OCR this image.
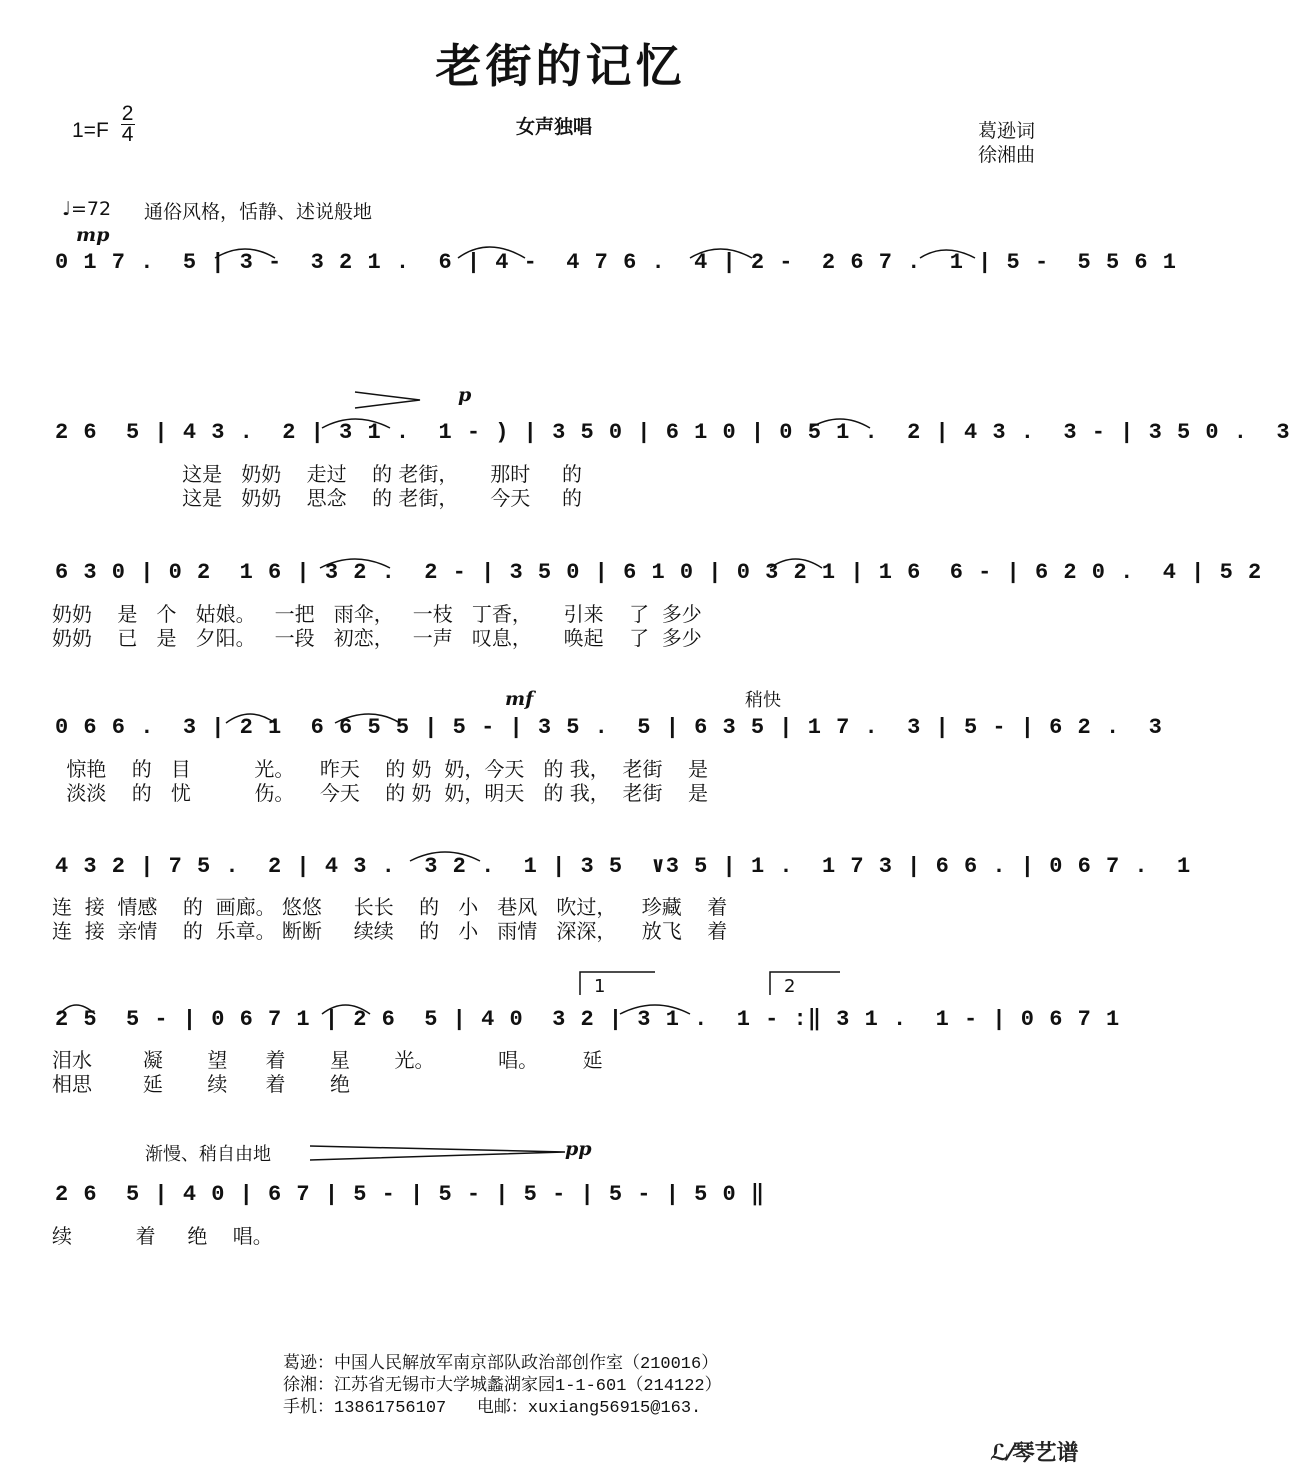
老街的记忆
女声独唱
$1=F \frac{2}{4}$	葛逊词
徐湘曲
♩=72 通俗风格，恬静、述说般地
mp
p
mf
pp
稍快
渐慢、稍自由地
1	2
0 1 7 .  5 | 3 -  3 2 1 .  6 | 4 -  4 7 6 .  4 | 2 -  2 6 7 .  1 | 5 -  5 5 6 1
2 6  5 | 4 3 .  2 | 3 1 .  1 - ) | 3 5 0 | 6 1 0 | 0 5 1 .  2 | 4 3 .  3 - | 3 5 0 .  3
这是   奶奶    走过    的 老街，     那时     的
这是   奶奶    思念    的 老街，     今天     的
6 3 0 | 0 2  1 6 | 3 2 .  2 - | 3 5 0 | 6 1 0 | 0 3 2 1 | 1 6  6 - | 6 2 0 .  4 | 5 2
奶奶    是   个   姑娘。   一把   雨伞，   一枝   丁香，     引来    了  多少
奶奶    已   是   夕阳。   一段   初恋，   一声   叹息，     唤起    了  多少
0 6 6 .  3 | 2 1  6 6 5 5 | 5 - | 3 5 .  5 | 6 3 5 | 1 7 .  3 | 5 - | 6 2 .  3
惊艳    的   目          光。    昨天    的 奶  奶，今天   的 我，  老街    是
淡淡    的   忧          伤。    今天    的 奶  奶，明天   的 我，  老街    是
4 3 2 | 7 5 .  2 | 4 3 .  3 2 .  1 | 3 5  ∨3 5 | 1 .  1 7 3 | 6 6 . | 0 6 7 .  1
连  接  情感    的  画廊。 悠悠     长长    的   小   巷风   吹过，    珍藏    着
连  接  亲情    的  乐章。 断断     续续    的   小   雨情   深深，    放飞    着
2 5  5 - | 0 6 7 1 | 2 6  5 | 4 0  3 2 | 3 1 .  1 - :‖ 3 1 .  1 - | 0 6 7 1
泪水        凝       望      着       星       光。          唱。       延
相思        延       续      着       绝
2 6  5 | 4 0 | 6 7 | 5 - | 5 - | 5 - | 5 - | 5 0 ‖
续          着     绝    唱。
葛逊：中国人民解放军南京部队政治部创作室（210016）
徐湘：江苏省无锡市大学城蠡湖家园1-1-601（214122）
手机：13861756107   电邮：xuxiang56915@163.
ℒ⁄琴艺谱
